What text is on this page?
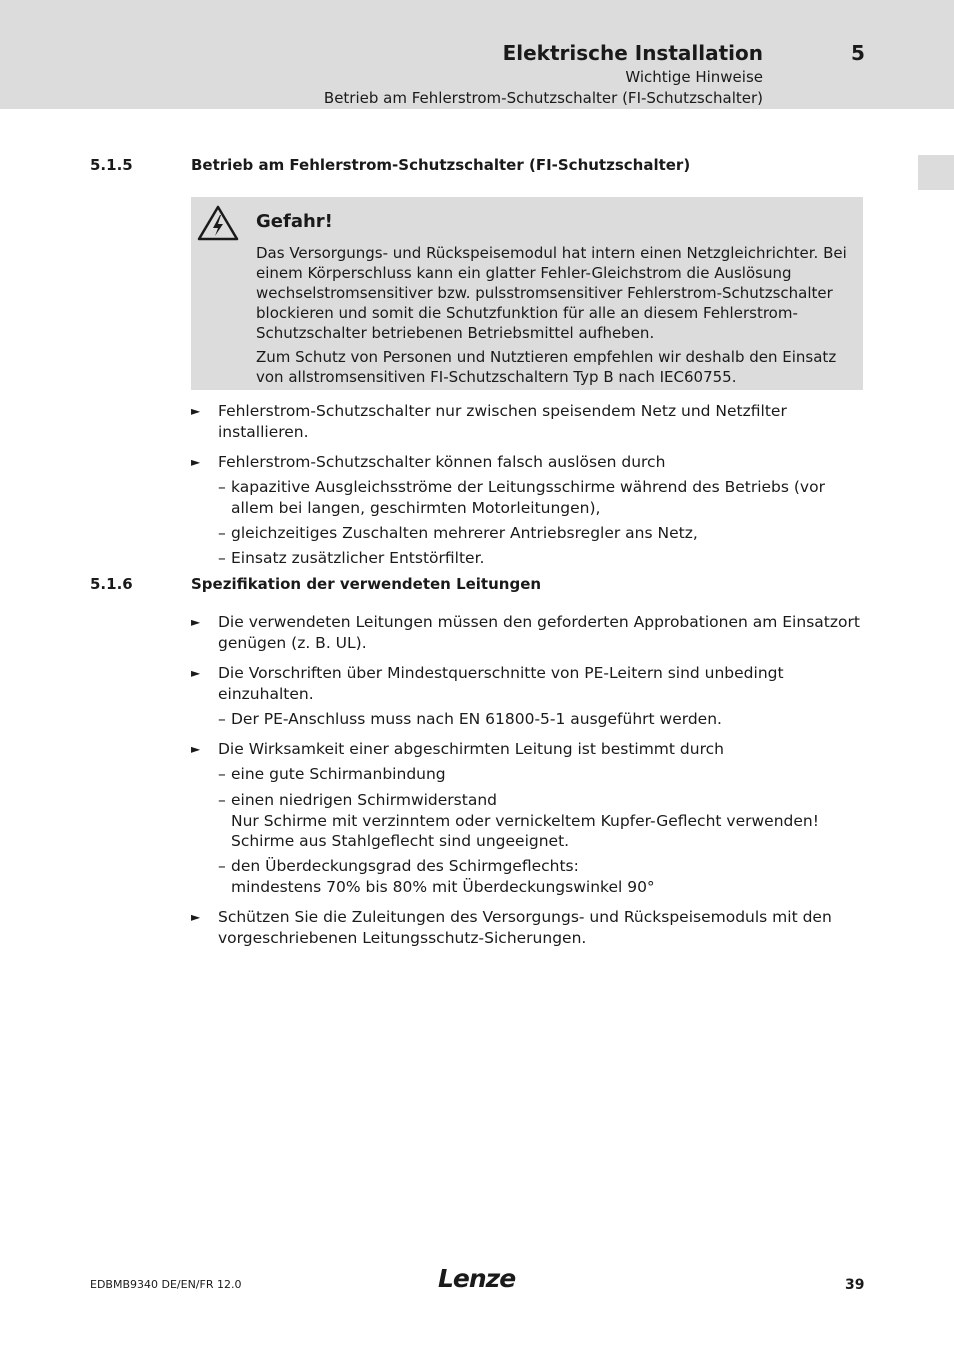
Elektrische Installation	5
Wichtige Hinweise
Betrieb am Fehlerstrom-Schutzschalter (FI-Schutzschalter)
5.1.5	Betrieb am Fehlerstrom-Schutzschalter (FI-Schutzschalter)
Gefahr!
Das Versorgungs- und Rückspeisemodul hat intern einen Netzgleichrichter. Bei einem Körperschluss kann ein glatter Fehler-Gleichstrom die Auslösung wechselstromsensitiver bzw. pulsstromsensitiver Fehlerstrom-Schutzschalter blockieren und somit die Schutzfunktion für alle an diesem Fehlerstrom-Schutzschalter betriebenen Betriebsmittel aufheben.
Zum Schutz von Personen und Nutztieren empfehlen wir deshalb den Einsatz von allstromsensitiven FI-Schutzschaltern Typ B nach IEC60755.
► Fehlerstrom-Schutzschalter nur zwischen speisendem Netz und Netzfilter installieren.
► Fehlerstrom-Schutzschalter können falsch auslösen durch
– kapazitive Ausgleichsströme der Leitungsschirme während des Betriebs (vor allem bei langen, geschirmten Motorleitungen),
– gleichzeitiges Zuschalten mehrerer Antriebsregler ans Netz,
– Einsatz zusätzlicher Entstörfilter.
5.1.6	Spezifikation der verwendeten Leitungen
► Die verwendeten Leitungen müssen den geforderten Approbationen am Einsatzort genügen (z. B. UL).
► Die Vorschriften über Mindestquerschnitte von PE-Leitern sind unbedingt einzuhalten.
– Der PE-Anschluss muss nach EN 61800-5-1 ausgeführt werden.
► Die Wirksamkeit einer abgeschirmten Leitung ist bestimmt durch
– eine gute Schirmanbindung
– einen niedrigen Schirmwiderstand
Nur Schirme mit verzinntem oder vernickeltem Kupfer-Geflecht verwenden!
Schirme aus Stahlgeflecht sind ungeeignet.
– den Überdeckungsgrad des Schirmgeflechts:
mindestens 70% bis 80% mit Überdeckungswinkel 90°
► Schützen Sie die Zuleitungen des Versorgungs- und Rückspeisemoduls mit den vorgeschriebenen Leitungsschutz-Sicherungen.
EDBMB9340 DE/EN/FR 12.0	Lenze	39
